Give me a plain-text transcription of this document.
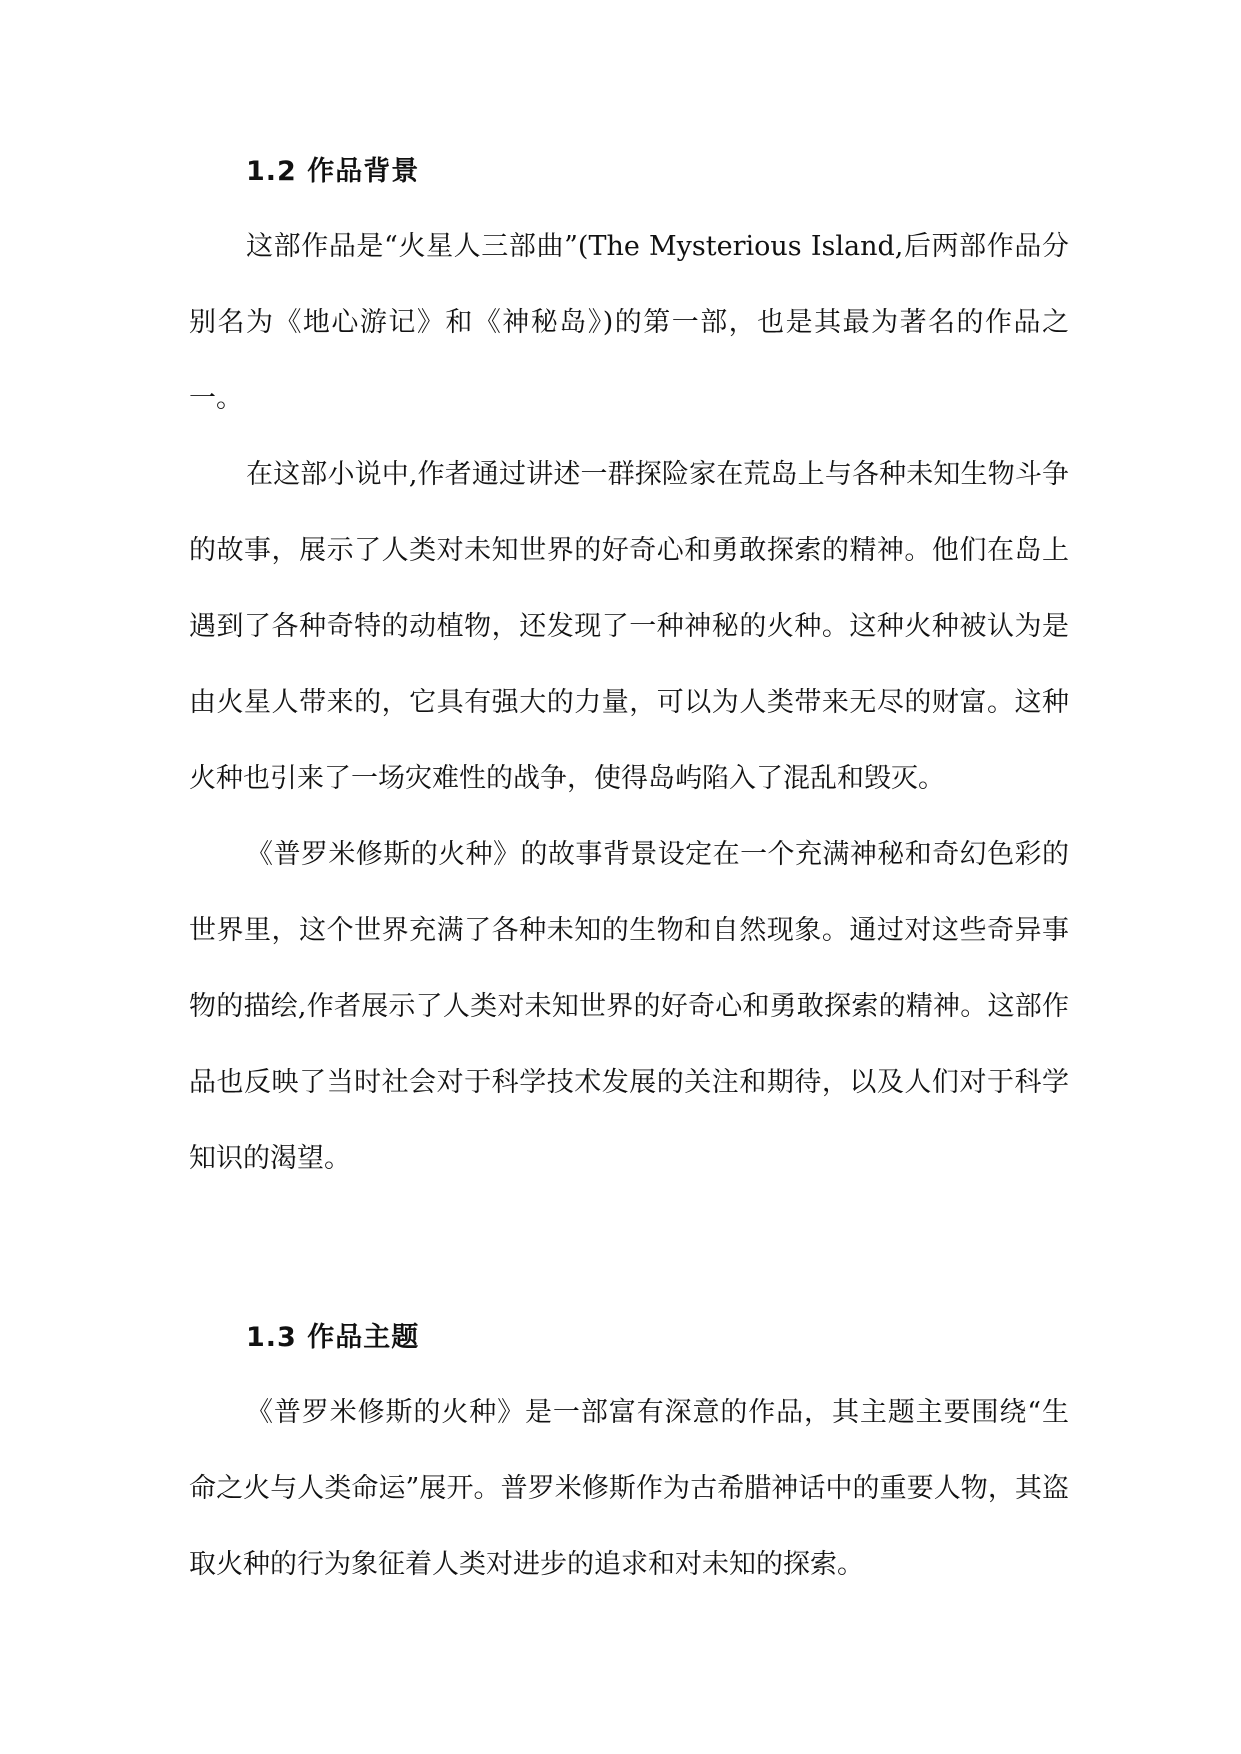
1.2 作品背景

这部作品是“火星人三部曲”(The Mysterious Island,后两部作品分别名为《地心游记》和《神秘岛》)的第一部，也是其最为著名的作品之一。

在这部小说中,作者通过讲述一群探险家在荒岛上与各种未知生物斗争的故事，展示了人类对未知世界的好奇心和勇敢探索的精神。他们在岛上遇到了各种奇特的动植物，还发现了一种神秘的火种。这种火种被认为是由火星人带来的，它具有强大的力量，可以为人类带来无尽的财富。这种火种也引来了一场灾难性的战争，使得岛屿陷入了混乱和毁灭。

《普罗米修斯的火种》的故事背景设定在一个充满神秘和奇幻色彩的世界里，这个世界充满了各种未知的生物和自然现象。通过对这些奇异事物的描绘,作者展示了人类对未知世界的好奇心和勇敢探索的精神。这部作品也反映了当时社会对于科学技术发展的关注和期待，以及人们对于科学知识的渴望。

1.3 作品主题

《普罗米修斯的火种》是一部富有深意的作品，其主题主要围绕“生命之火与人类命运”展开。普罗米修斯作为古希腊神话中的重要人物，其盗取火种的行为象征着人类对进步的追求和对未知的探索。
